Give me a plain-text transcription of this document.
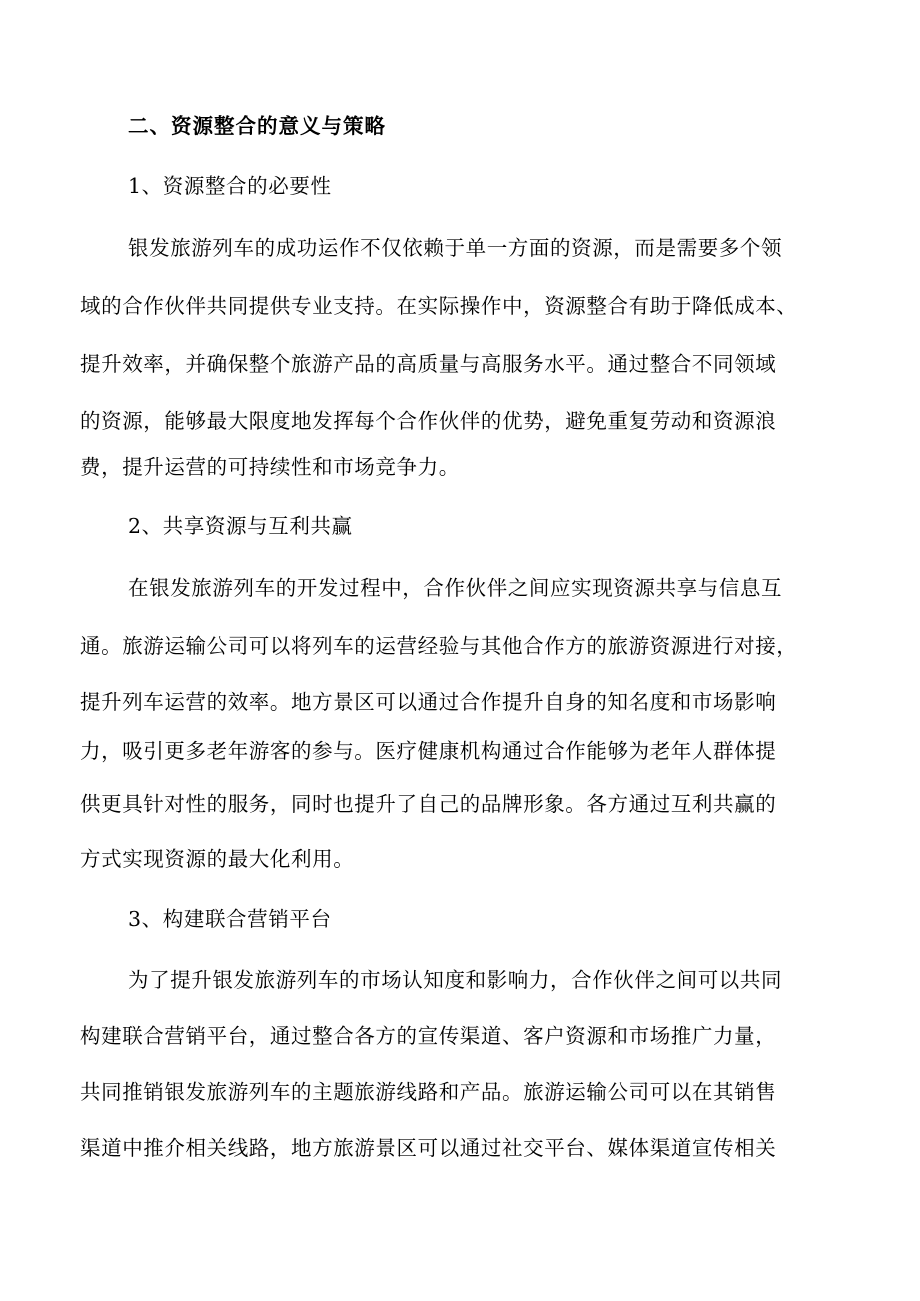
二、资源整合的意义与策略
1、资源整合的必要性
银发旅游列车的成功运作不仅依赖于单一方面的资源，而是需要多个领
域的合作伙伴共同提供专业支持。在实际操作中，资源整合有助于降低成本、
提升效率，并确保整个旅游产品的高质量与高服务水平。通过整合不同领域
的资源，能够最大限度地发挥每个合作伙伴的优势，避免重复劳动和资源浪
费，提升运营的可持续性和市场竞争力。
2、共享资源与互利共赢
在银发旅游列车的开发过程中，合作伙伴之间应实现资源共享与信息互
通。旅游运输公司可以将列车的运营经验与其他合作方的旅游资源进行对接，
提升列车运营的效率。地方景区可以通过合作提升自身的知名度和市场影响
力，吸引更多老年游客的参与。医疗健康机构通过合作能够为老年人群体提
供更具针对性的服务，同时也提升了自己的品牌形象。各方通过互利共赢的
方式实现资源的最大化利用。
3、构建联合营销平台
为了提升银发旅游列车的市场认知度和影响力，合作伙伴之间可以共同
构建联合营销平台，通过整合各方的宣传渠道、客户资源和市场推广力量，
共同推销银发旅游列车的主题旅游线路和产品。旅游运输公司可以在其销售
渠道中推介相关线路，地方旅游景区可以通过社交平台、媒体渠道宣传相关
